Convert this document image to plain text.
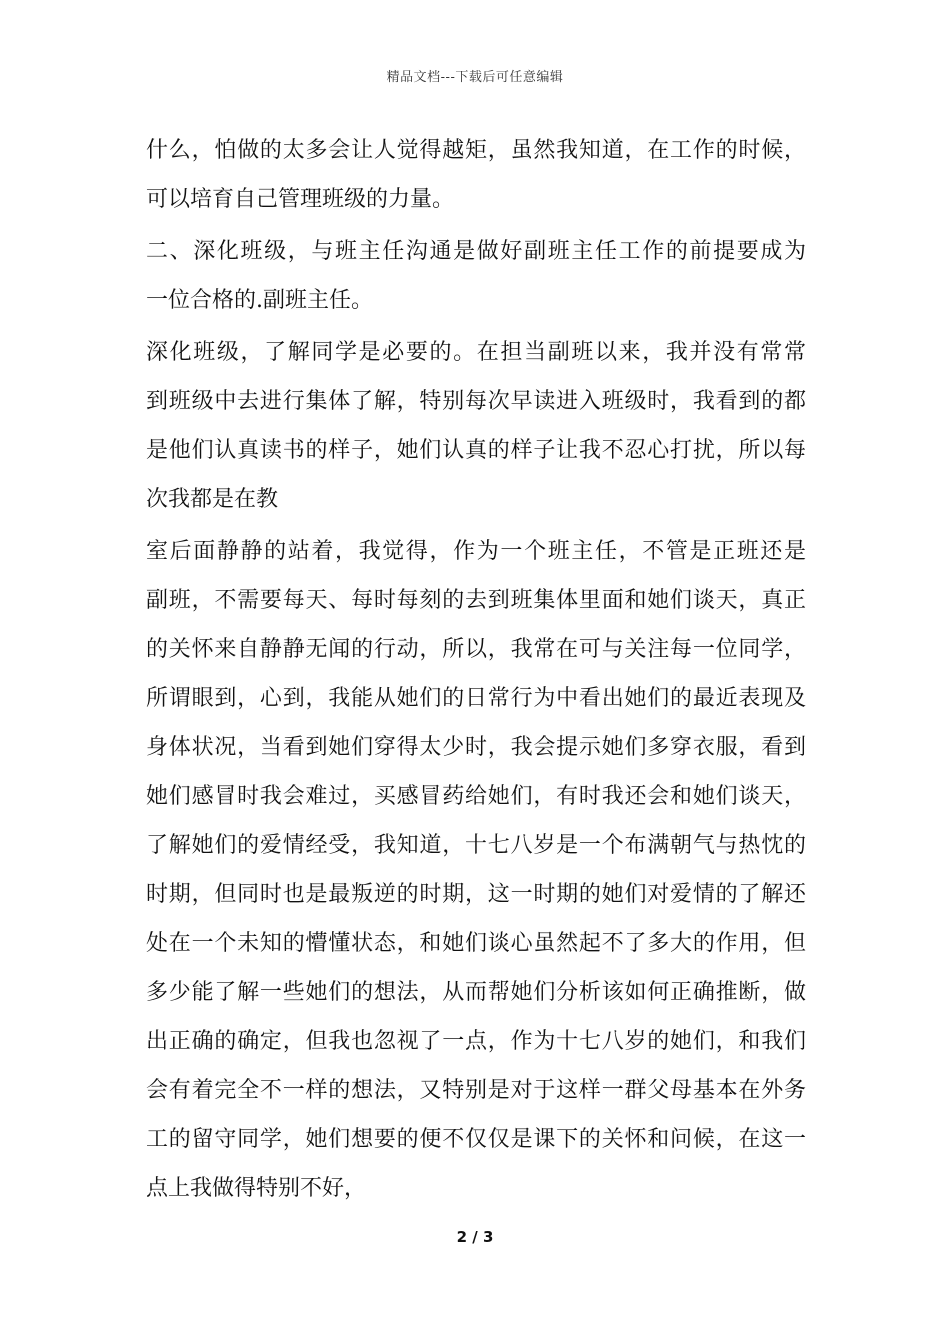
精品文档---下载后可任意编辑
什么，怕做的太多会让人觉得越矩，虽然我知道，在工作的时候，
可以培育自己管理班级的力量。
二、深化班级，与班主任沟通是做好副班主任工作的前提要成为
一位合格的.副班主任。
深化班级，了解同学是必要的。在担当副班以来，我并没有常常
到班级中去进行集体了解，特别每次早读进入班级时，我看到的都
是他们认真读书的样子，她们认真的样子让我不忍心打扰，所以每
次我都是在教
室后面静静的站着，我觉得，作为一个班主任，不管是正班还是
副班，不需要每天、每时每刻的去到班集体里面和她们谈天，真正
的关怀来自静静无闻的行动，所以，我常在可与关注每一位同学，
所谓眼到，心到，我能从她们的日常行为中看出她们的最近表现及
身体状况，当看到她们穿得太少时，我会提示她们多穿衣服，看到
她们感冒时我会难过，买感冒药给她们，有时我还会和她们谈天，
了解她们的爱情经受，我知道，十七八岁是一个布满朝气与热忱的
时期，但同时也是最叛逆的时期，这一时期的她们对爱情的了解还
处在一个未知的懵懂状态，和她们谈心虽然起不了多大的作用，但
多少能了解一些她们的想法，从而帮她们分析该如何正确推断，做
出正确的确定，但我也忽视了一点，作为十七八岁的她们，和我们
会有着完全不一样的想法，又特别是对于这样一群父母基本在外务
工的留守同学，她们想要的便不仅仅是课下的关怀和问候，在这一
点上我做得特别不好，
2 / 3
